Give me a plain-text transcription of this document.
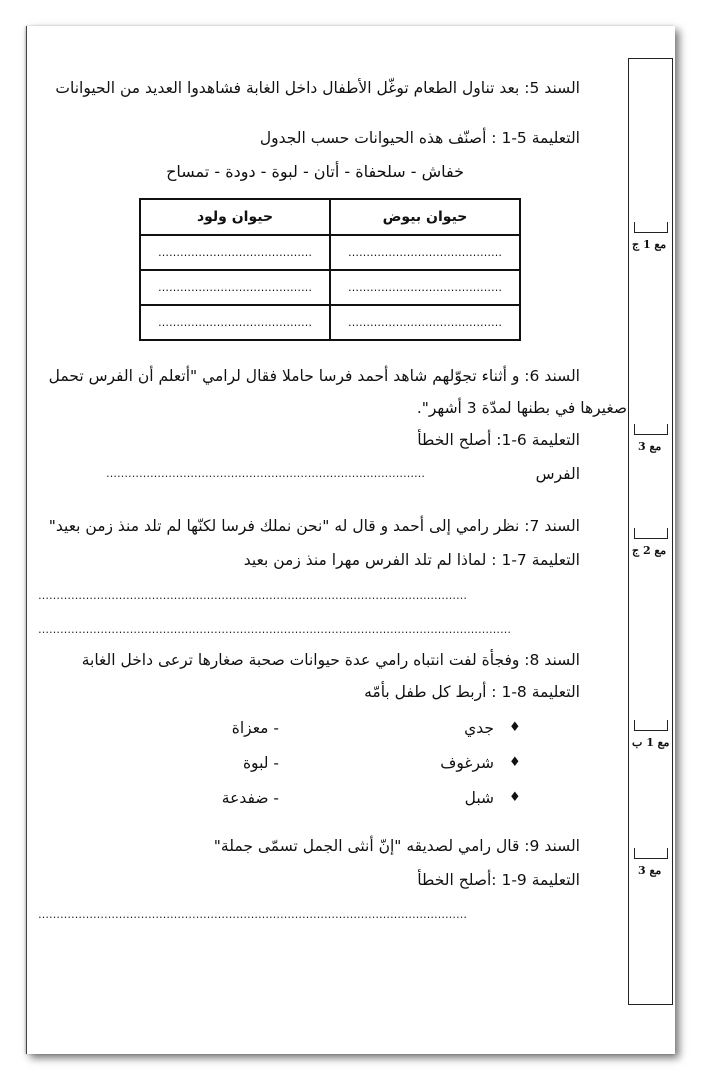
السند 5: بعد تناول الطعام توغّل الأطفال داخل الغابة فشاهدوا العديد من الحيوانات
التعليمة 5-1 : أصنّف هذه الحيوانات حسب الجدول
خفاش - سلحفاة - أتان - لبوة - دودة - تمساح
حيوان بيوض	حيوان ولود
……………………………………	……………………………………
……………………………………	……………………………………
……………………………………	……………………………………
السند 6: و أثناء تجوّلهم شاهد أحمد فرسا حاملا فقال لرامي "أتعلم أن الفرس تحمل
صغيرها في بطنها لمدّة 3 أشهر".
التعليمة 6-1: أصلح الخطأ
الفرس
……………………………………………………………………………
السند 7: نظر رامي إلى أحمد و قال له "نحن نملك فرسا لكنّها لم تلد منذ زمن بعيد"
التعليمة 7-1 : لماذا لم تلد الفرس مهرا منذ زمن بعيد
………………………………………………………………………………………………………
…………………………………………………………………………………………………………………
السند 8: وفجأة لفت انتباه رامي عدة حيوانات صحبة صغارها ترعى داخل الغابة
التعليمة 8-1 : أربط كل طفل بأمّه
♦
جدي
- معزاة
♦
شرغوف
- لبوة
♦
شبل
- ضفدعة
السند 9: قال رامي لصديقه "إنّ أنثى الجمل تسمّى جملة"
التعليمة 9-1 :أصلح الخطأ
………………………………………………………………………………………………………
مع 1 ج
مع 3
مع 2 ج
مع 1 ب
مع 3
